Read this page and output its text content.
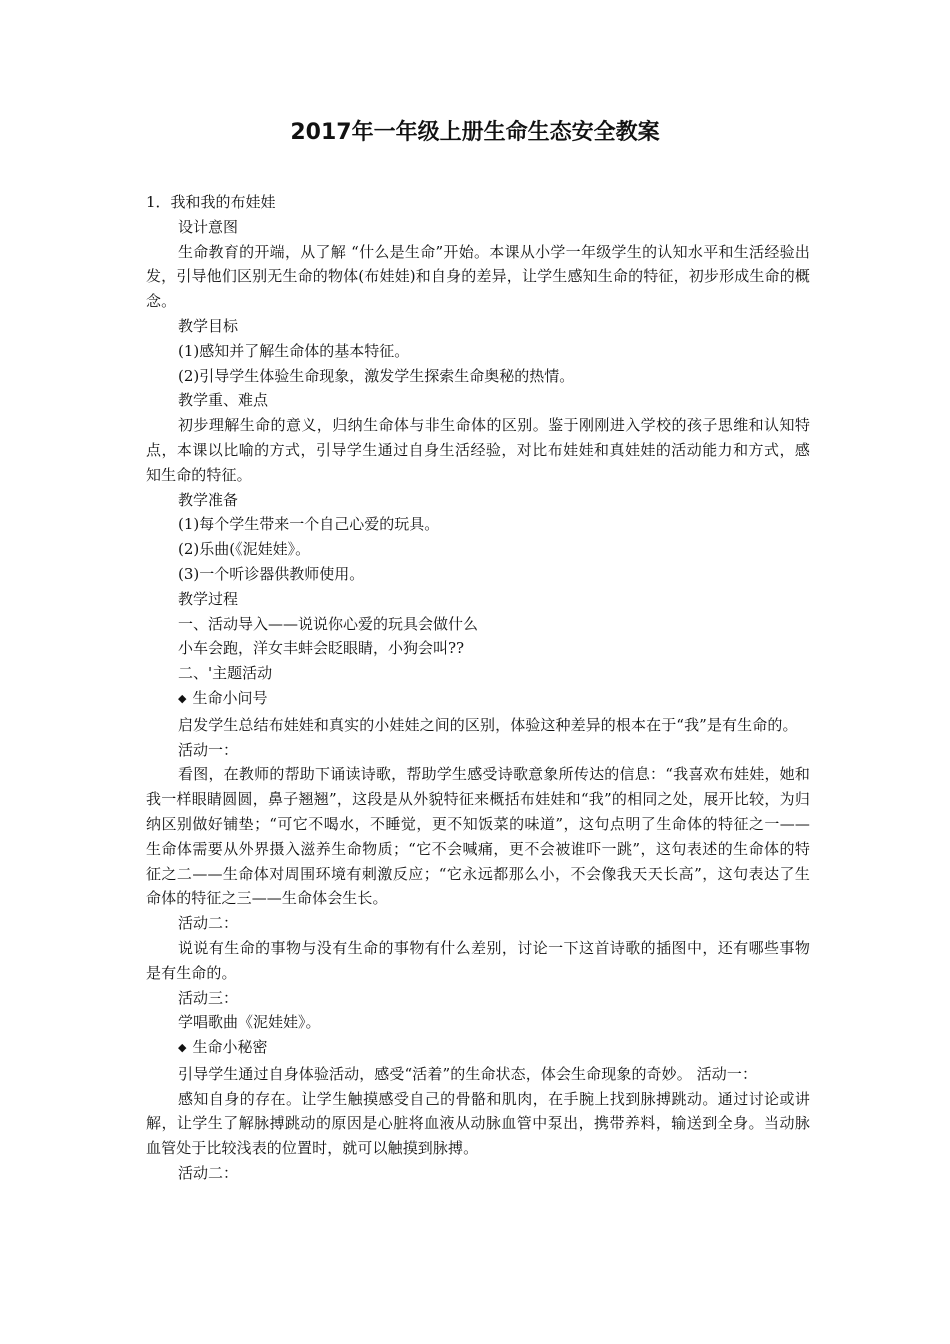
2017年一年级上册生命生态安全教案

1．我和我的布娃娃

设计意图

生命教育的开端，从了解 “什么是生命”开始。本课从小学一年级学生的认知水平和生活经验出发，引导他们区别无生命的物体(布娃娃)和自身的差异，让学生感知生命的特征，初步形成生命的概念。

教学目标

(1)感知并了解生命体的基本特征。

(2)引导学生体验生命现象，激发学生探索生命奥秘的热情。

教学重、难点

初步理解生命的意义，归纳生命体与非生命体的区别。鉴于刚刚进入学校的孩子思维和认知特点，本课以比喻的方式，引导学生通过自身生活经验，对比布娃娃和真娃娃的活动能力和方式，感知生命的特征。

教学准备

(1)每个学生带来一个自己心爱的玩具。

(2)乐曲(《泥娃娃》。

(3)一个听诊器供教师使用。

教学过程

一、活动导入——说说你心爱的玩具会做什么

小车会跑，洋女丰蚌会眨眼睛，小狗会叫??

二、'主题活动

◆ 生命小问号

启发学生总结布娃娃和真实的小娃娃之间的区别，体验这种差异的根本在于“我”是有生命的。

活动一：

看图，在教师的帮助下诵读诗歌，帮助学生感受诗歌意象所传达的信息：“我喜欢布娃娃，她和我一样眼睛圆圆，鼻子翘翘”，这段是从外貌特征来概括布娃娃和“我”的相同之处，展开比较，为归纳区别做好铺垫；“可它不喝水，不睡觉，更不知饭菜的味道”，这句点明了生命体的特征之一——生命体需要从外界摄入滋养生命物质；“它不会喊痛，更不会被谁吓一跳”，这句表述的生命体的特征之二——生命体对周围环境有刺激反应；“它永远都那么小，不会像我天天长高”，这句表达了生命体的特征之三——生命体会生长。

活动二：

说说有生命的事物与没有生命的事物有什么差别，讨论一下这首诗歌的插图中，还有哪些事物是有生命的。

活动三：

学唱歌曲《泥娃娃》。

◆ 生命小秘密

引导学生通过自身体验活动，感受“活着”的生命状态，体会生命现象的奇妙。 活动一：

感知自身的存在。让学生触摸感受自己的骨骼和肌肉，在手腕上找到脉搏跳动。通过讨论或讲解，让学生了解脉搏跳动的原因是心脏将血液从动脉血管中泵出，携带养料，输送到全身。当动脉血管处于比较浅表的位置时，就可以触摸到脉搏。

活动二：
